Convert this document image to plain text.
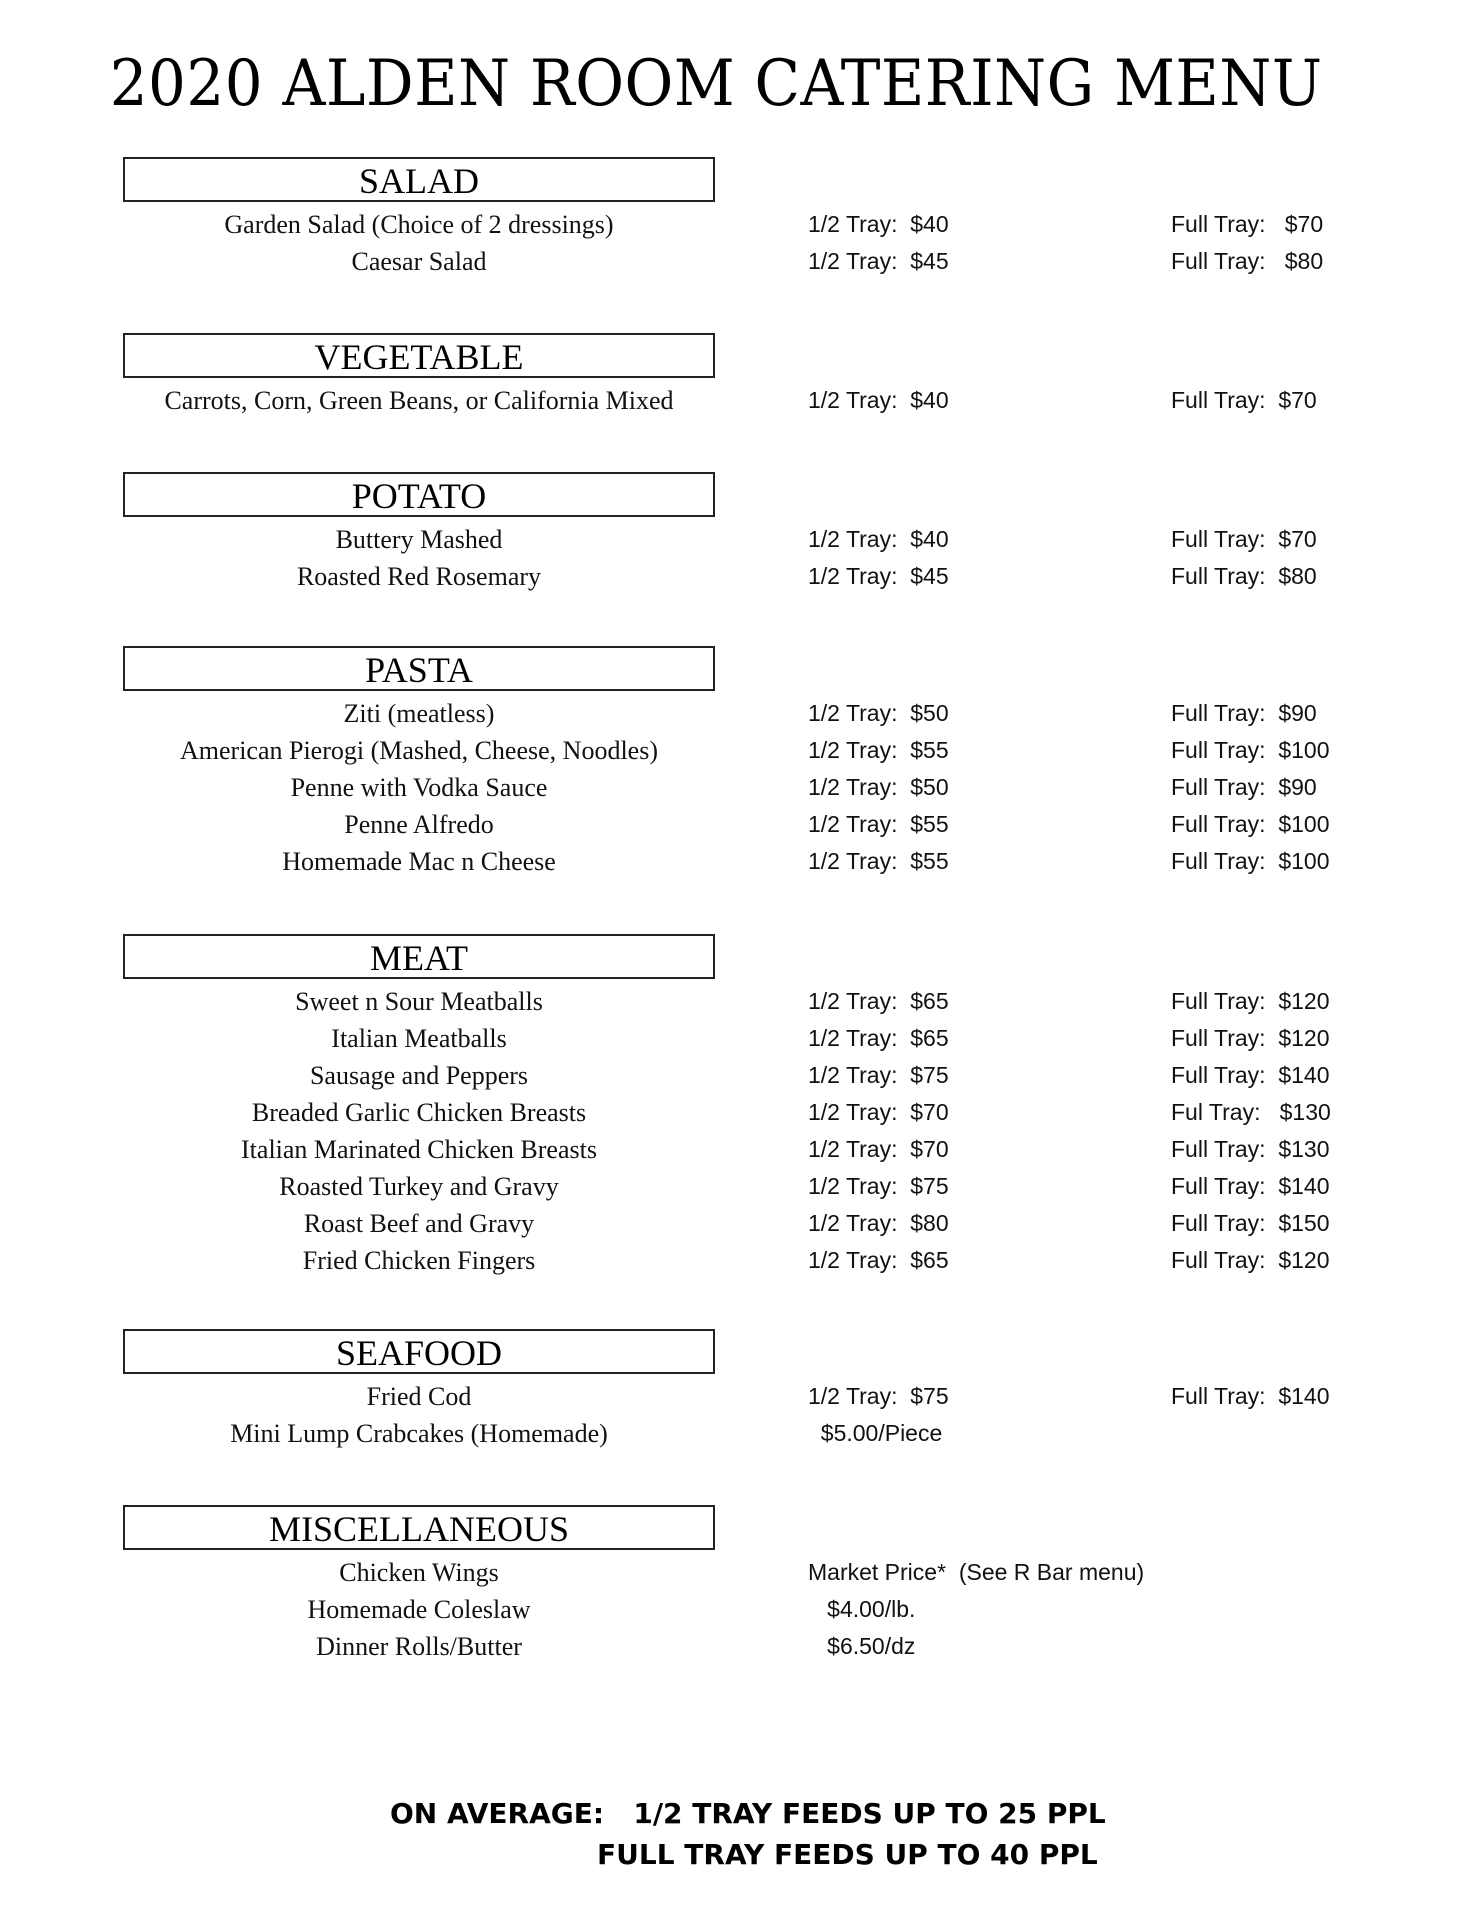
2020 ALDEN ROOM CATERING MENU
SALAD
Garden Salad (Choice of 2 dressings)	1/2 Tray:  $40	Full Tray:   $70
Caesar Salad	1/2 Tray:  $45	Full Tray:   $80
VEGETABLE
Carrots, Corn, Green Beans, or California Mixed	1/2 Tray:  $40	Full Tray:  $70
POTATO
Buttery Mashed	1/2 Tray:  $40	Full Tray:  $70
Roasted Red Rosemary	1/2 Tray:  $45	Full Tray:  $80
PASTA
Ziti (meatless)	1/2 Tray:  $50	Full Tray:  $90
American Pierogi (Mashed, Cheese, Noodles)	1/2 Tray:  $55	Full Tray:  $100
Penne with Vodka Sauce	1/2 Tray:  $50	Full Tray:  $90
Penne Alfredo	1/2 Tray:  $55	Full Tray:  $100
Homemade Mac n Cheese	1/2 Tray:  $55	Full Tray:  $100
MEAT
Sweet n Sour Meatballs	1/2 Tray:  $65	Full Tray:  $120
Italian Meatballs	1/2 Tray:  $65	Full Tray:  $120
Sausage and Peppers	1/2 Tray:  $75	Full Tray:  $140
Breaded Garlic Chicken Breasts	1/2 Tray:  $70	Ful Tray:   $130
Italian Marinated Chicken Breasts	1/2 Tray:  $70	Full Tray:  $130
Roasted Turkey and Gravy	1/2 Tray:  $75	Full Tray:  $140
Roast Beef and Gravy	1/2 Tray:  $80	Full Tray:  $150
Fried Chicken Fingers	1/2 Tray:  $65	Full Tray:  $120
SEAFOOD
Fried Cod	1/2 Tray:  $75	Full Tray:  $140
Mini Lump Crabcakes (Homemade)	$5.00/Piece
MISCELLANEOUS
Chicken Wings	Market Price*  (See R Bar menu)
Homemade Coleslaw	$4.00/lb.
Dinner Rolls/Butter	$6.50/dz
ON AVERAGE:   1/2 TRAY FEEDS UP TO 25 PPL
FULL TRAY FEEDS UP TO 40 PPL
